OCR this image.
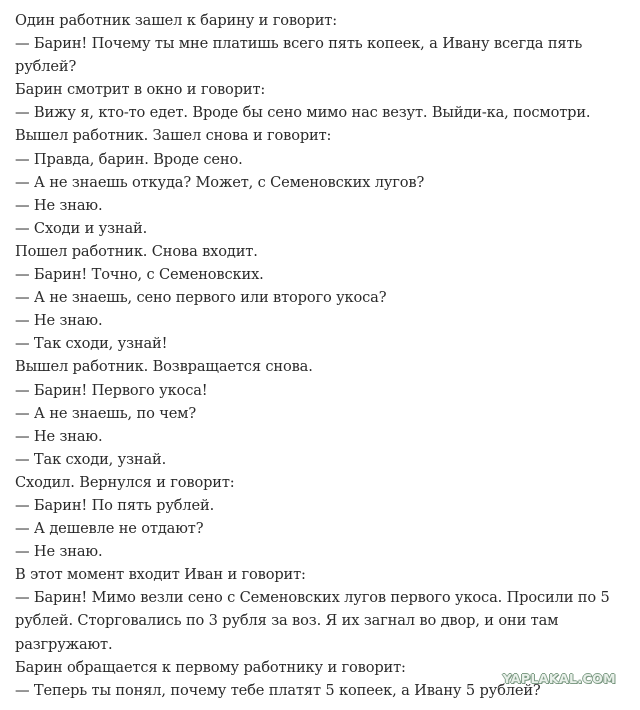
Один работник зашел к барину и говорит:

— Барин! Почему ты мне платишь всего пять копеек, а Ивану всегда пять рублей?

Барин смотрит в окно и говорит:

— Вижу я, кто-то едет. Вроде бы сено мимо нас везут. Выйди-ка, посмотри.

Вышел работник. Зашел снова и говорит:

— Правда, барин. Вроде сено.

— А не знаешь откуда? Может, с Семеновских лугов?

— Не знаю.

— Сходи и узнай.

Пошел работник. Снова входит.

— Барин! Точно, с Семеновских.

— А не знаешь, сено первого или второго укоса?

— Не знаю.

— Так сходи, узнай!

Вышел работник. Возвращается снова.

— Барин! Первого укоса!

— А не знаешь, по чем?

— Не знаю.

— Так сходи, узнай.

Сходил. Вернулся и говорит:

— Барин! По пять рублей.

— А дешевле не отдают?

— Не знаю.

В этот момент входит Иван и говорит:

— Барин! Мимо везли сено с Семеновских лугов первого укоса. Просили по 5 рублей. Сторговались по 3 рубля за воз. Я их загнал во двор, и они там разгружают.

Барин обращается к первому работнику и говорит:

— Теперь ты понял, почему тебе платят 5 копеек, а Ивану 5 рублей?

YAPLAKAL.COM
